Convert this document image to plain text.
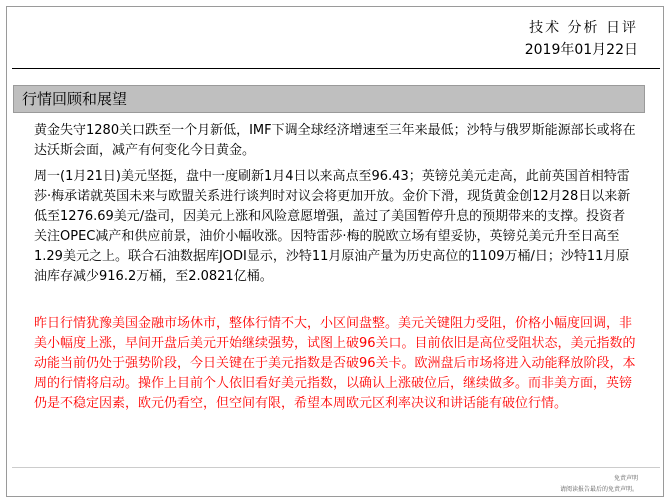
技术 分析 日评
2019年01月22日
行情回顾和展望

黄金失守1280关口跌至一个月新低，IMF下调全球经济增速至三年来最低；沙特与俄罗斯能源部长或将在达沃斯会面，减产有何变化今日黄金。

周一(1月21日)美元坚挺，盘中一度刷新1月4日以来高点至96.43；英镑兑美元走高，此前英国首相特雷莎·梅承诺就英国未来与欧盟关系进行谈判时对议会将更加开放。金价下滑，现货黄金创12月28日以来新低至1276.69美元/盎司，因美元上涨和风险意愿增强，盖过了美国暂停升息的预期带来的支撑。投资者关注OPEC减产和供应前景，油价小幅收涨。因特雷莎·梅的脱欧立场有望妥协，英镑兑美元升至日高至1.29美元之上。联合石油数据库JODI显示，沙特11月原油产量为历史高位的1109万桶/日；沙特11月原油库存减少916.2万桶，至2.0821亿桶。

昨日行情犹豫美国金融市场休市，整体行情不大，小区间盘整。美元关键阻力受阻，价格小幅度回调，非美小幅度上涨，早间开盘后美元开始继续强势，试图上破96关口。目前依旧是高位受阻状态，美元指数的动能当前仍处于强势阶段，今日关键在于美元指数是否破96关卡。欧洲盘后市场将进入动能释放阶段，本周的行情将启动。操作上目前个人依旧看好美元指数，以确认上涨破位后，继续做多。而非美方面，英镑仍是不稳定因素，欧元仍看空，但空间有限，希望本周欧元区利率决议和讲话能有破位行情。

免责声明
请阅读报告最后的免责声明。
